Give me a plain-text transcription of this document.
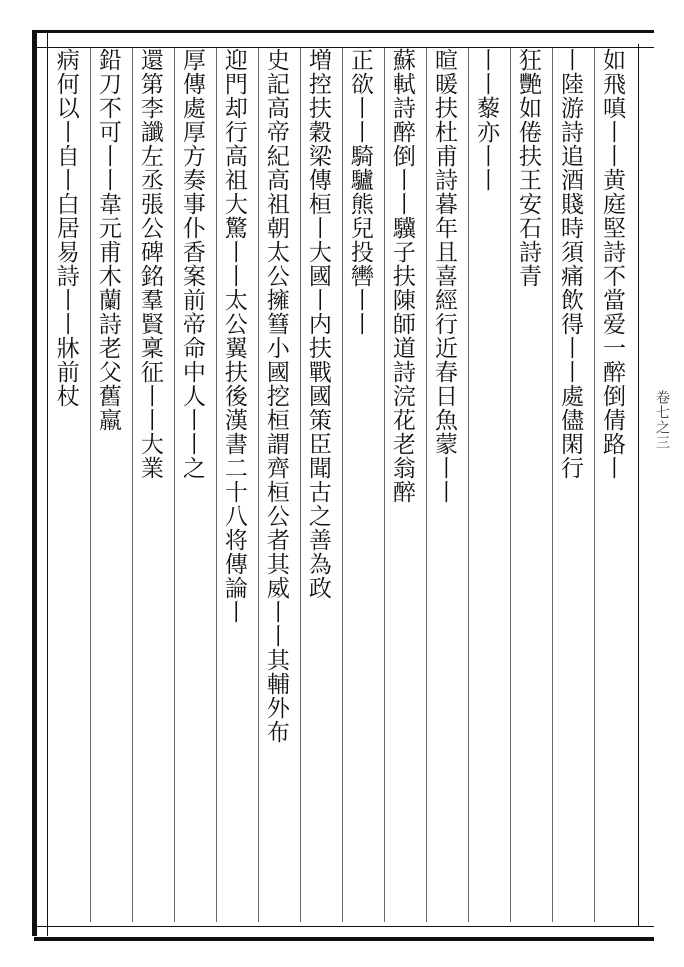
卷七之三
如飛嗔丨丨黄庭堅詩不當爱一醉倒倩路丨
丨陸游詩追酒賤時須痛飲得丨丨處儘閑行
狂艷如倦扶王安石詩青
丨丨藜亦丨丨
暄暖扶杜甫詩暮年且喜經行近春日魚蒙丨丨
蘇軾詩醉倒丨丨驥子扶陳師道詩浣花老翁醉
正欲丨丨騎驢熊兒投轡丨丨
増控扶穀梁傳桓丨大國丨内扶戰國策臣聞古之善為政
史記高帝紀高祖朝太公擁篲小國挖桓謂齊桓公者其威丨丨其輔外布
迎門却行高祖大驚丨丨太公翼扶後漢書二十八将傳論丨
厚傳處厚方奏事仆香案前帝命中人丨丨之
還第李讖左丞張公碑銘羣賢稟征丨丨大業
鉛刀不可丨丨韋元甫木蘭詩老父舊羸
病何以丨自丨白居易詩丨丨牀前杖
